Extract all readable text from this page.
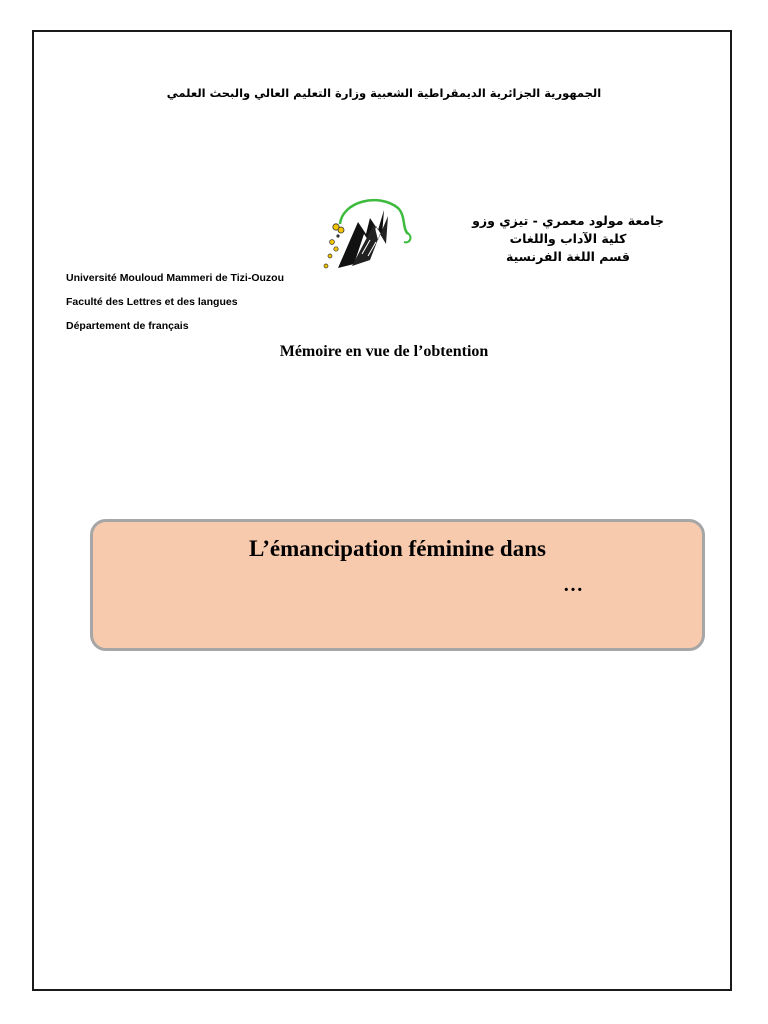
الجمهورية الجزائرية الديمقراطية الشعبية وزارة التعليم العالي والبحث العلمي
جامعة مولود معمري - تيزي وزو
كلية الآداب واللغات
قسم اللغة الفرنسية
Université Mouloud Mammeri de Tizi-Ouzou
Faculté des Lettres et des langues
Département de français
Mémoire en vue de l’obtention
L’émancipation féminine dans
…
